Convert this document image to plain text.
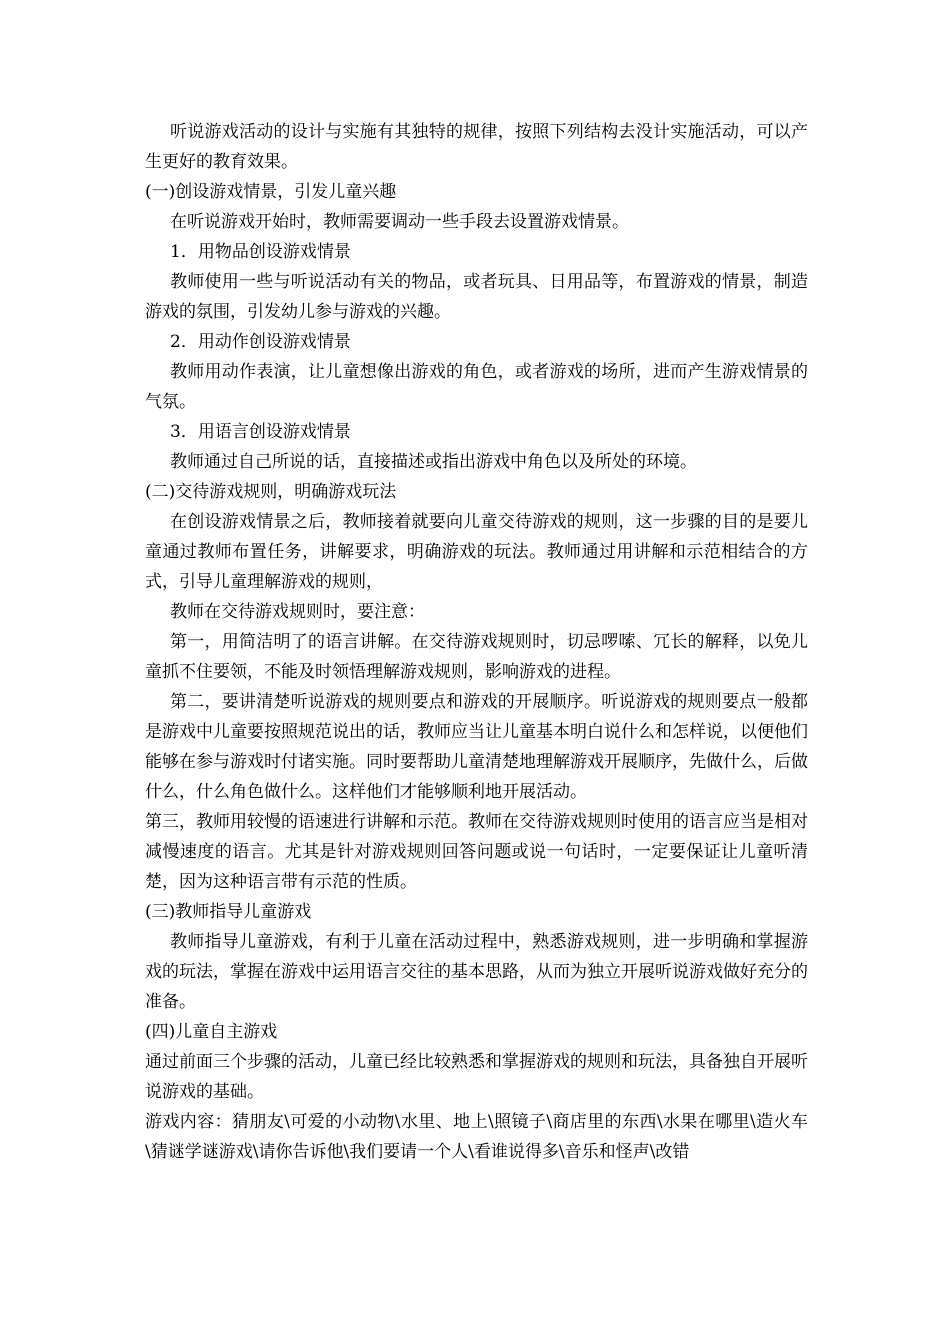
听说游戏活动的设计与实施有其独特的规律，按照下列结构去没计实施活动，可以产生更好的教育效果。

(一)创设游戏情景，引发儿童兴趣

在听说游戏开始时，教师需要调动一些手段去设置游戏情景。

1．用物品创设游戏情景

教师使用一些与听说活动有关的物品，或者玩具、日用品等，布置游戏的情景，制造游戏的氛围，引发幼儿参与游戏的兴趣。

2．用动作创设游戏情景

教师用动作表演，让儿童想像出游戏的角色，或者游戏的场所，进而产生游戏情景的气氛。

3．用语言创设游戏情景

教师通过自己所说的话，直接描述或指出游戏中角色以及所处的环境。

(二)交待游戏规则，明确游戏玩法

在创设游戏情景之后，教师接着就要向儿童交待游戏的规则，这一步骤的目的是要儿童通过教师布置任务，讲解要求，明确游戏的玩法。教师通过用讲解和示范相结合的方式，引导儿童理解游戏的规则，

教师在交待游戏规则时，要注意：

第一，用简洁明了的语言讲解。在交待游戏规则时，切忌啰嗦、冗长的解释，以免儿童抓不住要领，不能及时领悟理解游戏规则，影响游戏的进程。

第二，要讲清楚听说游戏的规则要点和游戏的开展顺序。听说游戏的规则要点一般都是游戏中儿童要按照规范说出的话，教师应当让儿童基本明白说什么和怎样说，以便他们能够在参与游戏时付诸实施。同时要帮助儿童清楚地理解游戏开展顺序，先做什么，后做什么，什么角色做什么。这样他们才能够顺利地开展活动。

第三，教师用较慢的语速进行讲解和示范。教师在交待游戏规则时使用的语言应当是相对减慢速度的语言。尤其是针对游戏规则回答问题或说一句话时，一定要保证让儿童听清楚，因为这种语言带有示范的性质。

(三)教师指导儿童游戏

教师指导儿童游戏，有利于儿童在活动过程中，熟悉游戏规则，进一步明确和掌握游戏的玩法，掌握在游戏中运用语言交往的基本思路，从而为独立开展听说游戏做好充分的准备。

(四)儿童自主游戏

通过前面三个步骤的活动，儿童已经比较熟悉和掌握游戏的规则和玩法，具备独自开展听说游戏的基础。

游戏内容：猜朋友\可爱的小动物\水里、地上\照镜子\商店里的东西\水果在哪里\造火车\猜谜学谜游戏\请你告诉他\我们要请一个人\看谁说得多\音乐和怪声\改错
